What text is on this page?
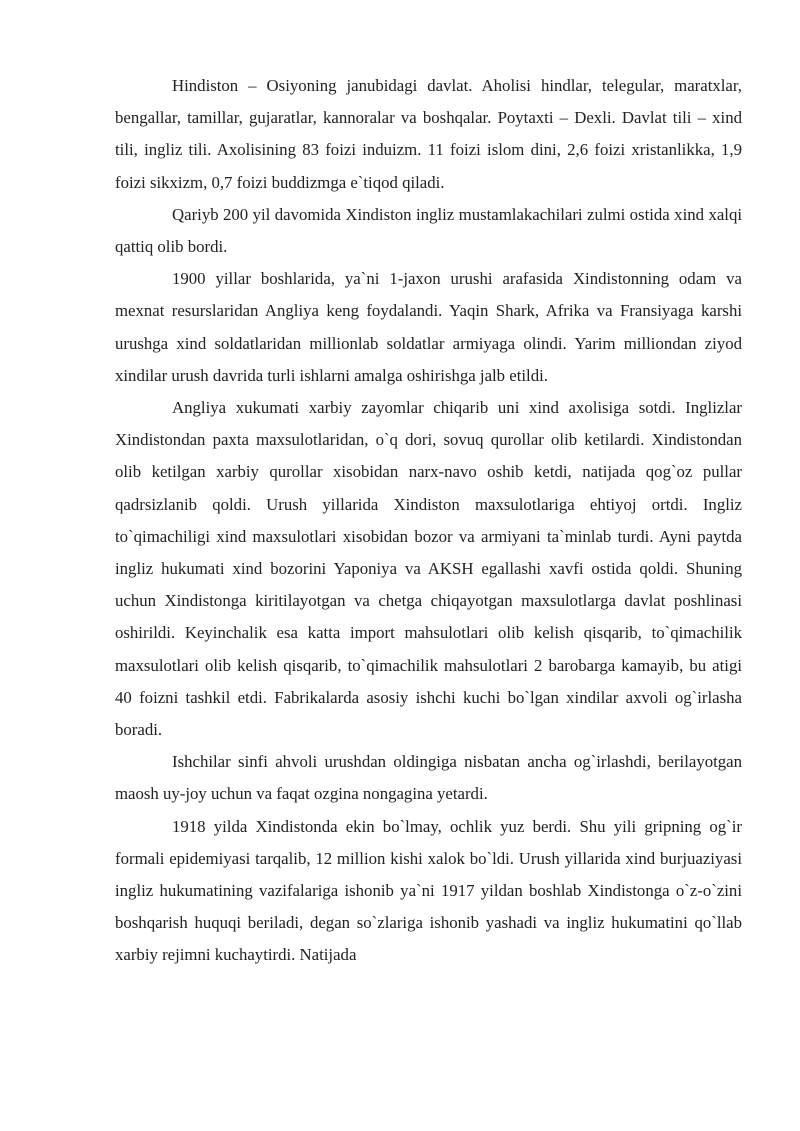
Hindiston – Osiyoning janubidagi davlat. Aholisi hindlar, telegular, maratxlar, bengallar, tamillar, gujaratlar, kannoralar va boshqalar. Poytaxti – Dexli. Davlat tili – xind tili, ingliz tili. Axolisining 83 foizi induizm. 11 foizi islom dini, 2,6 foizi xristanlikka, 1,9 foizi sikxizm, 0,7 foizi buddizmga e`tiqod qiladi.

Qariyb 200 yil davomida Xindiston ingliz mustamlakachilari zulmi ostida xind xalqi qattiq olib bordi.

1900 yillar boshlarida, ya`ni 1-jaxon urushi arafasida Xindistonning odam va mexnat resurslaridan Angliya keng foydalandi. Yaqin Shark, Afrika va Fransiyaga karshi urushga xind soldatlaridan millionlab soldatlar armiyaga olindi. Yarim milliondan ziyod xindilar urush davrida turli ishlarni amalga oshirishga jalb etildi.

Angliya xukumati xarbiy zayomlar chiqarib uni xind axolisiga sotdi. Inglizlar Xindistondan paxta maxsulotlaridan, o`q dori, sovuq qurollar olib ketilardi. Xindistondan olib ketilgan xarbiy qurollar xisobidan narx-navo oshib ketdi, natijada qog`oz pullar qadrsizlanib qoldi. Urush yillarida Xindiston maxsulotlariga ehtiyoj ortdi. Ingliz to`qimachiligi xind maxsulotlari xisobidan bozor va armiyani ta`minlab turdi. Ayni paytda ingliz hukumati xind bozorini Yaponiya va AKSH egallashi xavfi ostida qoldi. Shuning uchun Xindistonga kiritilayotgan va chetga chiqayotgan maxsulotlarga davlat poshlinasi oshirildi. Keyinchalik esa katta import mahsulotlari olib kelish qisqarib, to`qimachilik maxsulotlari olib kelish qisqarib, to`qimachilik mahsulotlari 2 barobarga kamayib, bu atigi 40 foizni tashkil etdi. Fabrikalarda asosiy ishchi kuchi bo`lgan xindilar axvoli og`irlasha boradi.

Ishchilar sinfi ahvoli urushdan oldingiga nisbatan ancha og`irlashdi, berilayotgan maosh uy-joy uchun va faqat ozgina nongagina yetardi.

1918 yilda Xindistonda ekin bo`lmay, ochlik yuz berdi. Shu yili gripning og`ir formali epidemiyasi tarqalib, 12 million kishi xalok bo`ldi. Urush yillarida xind burjuaziyasi ingliz hukumatining vazifalariga ishonib ya`ni 1917 yildan boshlab Xindistonga o`z-o`zini boshqarish huquqi beriladi, degan so`zlariga ishonib yashadi va ingliz hukumatini qo`llab xarbiy rejimni kuchaytirdi. Natijada
